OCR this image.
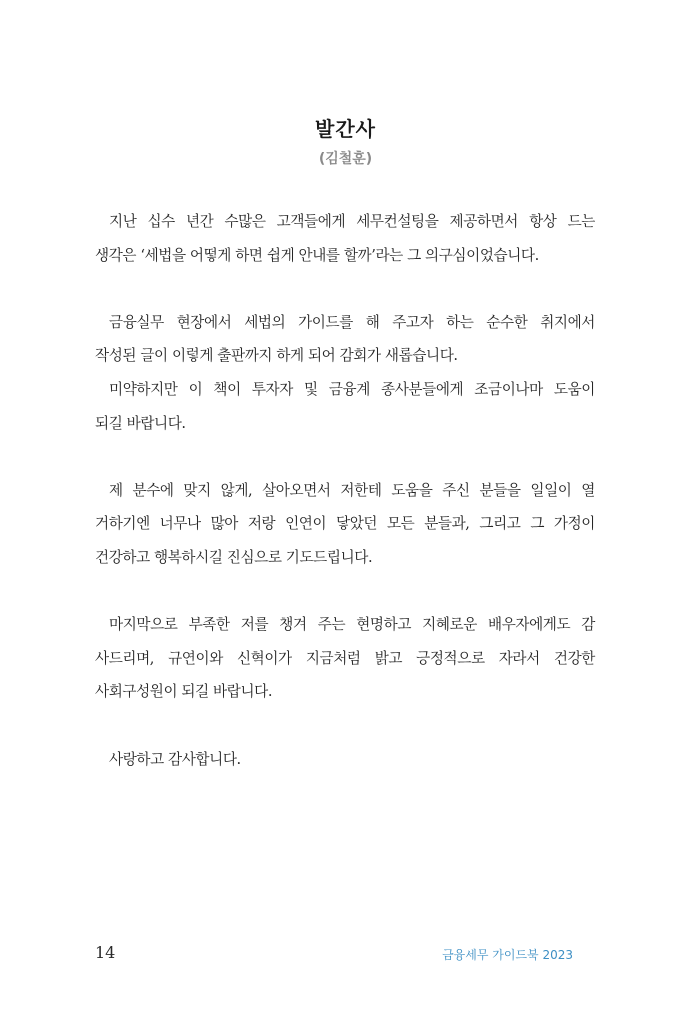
발간사
(김철훈)
지난 십수 년간 수많은 고객들에게 세무컨설팅을 제공하면서 항상 드는
생각은 ‘세법을 어떻게 하면 쉽게 안내를 할까’라는 그 의구심이었습니다.
금융실무 현장에서 세법의 가이드를 해 주고자 하는 순수한 취지에서
작성된 글이 이렇게 출판까지 하게 되어 감회가 새롭습니다.
미약하지만 이 책이 투자자 및 금융계 종사분들에게 조금이나마 도움이
되길 바랍니다.
제 분수에 맞지 않게, 살아오면서 저한테 도움을 주신 분들을 일일이 열
거하기엔 너무나 많아 저랑 인연이 닿았던 모든 분들과, 그리고 그 가정이
건강하고 행복하시길 진심으로 기도드립니다.
마지막으로 부족한 저를 챙겨 주는 현명하고 지혜로운 배우자에게도 감
사드리며, 규연이와 신혁이가 지금처럼 밝고 긍정적으로 자라서 건강한
사회구성원이 되길 바랍니다.
사랑하고 감사합니다.
14	금융세무 가이드북 2023
